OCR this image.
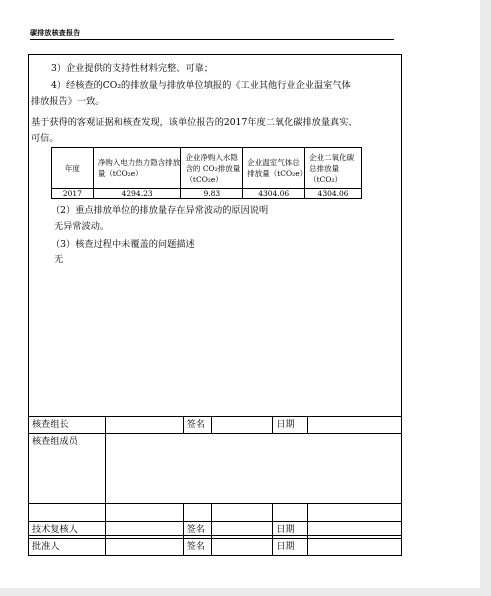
碳排放核查报告
3）企业提供的支持性材料完整、可靠；
4）经核查的CO₂的排放量与排放单位填报的《工业其他行业企业温室气体
排放报告》一致。
基于获得的客观证据和核查发现，该单位报告的2017年度二氧化碳排放量真实、
可信。
年度	净购入电力热力隐含排放量（tCO₂e）	企业净购入水隐含的 CO₂排放量（tCO₂e）	企业温室气体总排放量（tCO₂e）	企业二氧化碳总排放量（tCO₂）
2017	4294.23	9.83	4304.06	4304.06
（2）重点排放单位的排放量存在异常波动的原因说明
无异常波动。
（3）核查过程中未覆盖的问题描述
无
核查组长		签名		日期	
核查组成员					

技术复核人		签名		日期	
批准人		签名		日期	
